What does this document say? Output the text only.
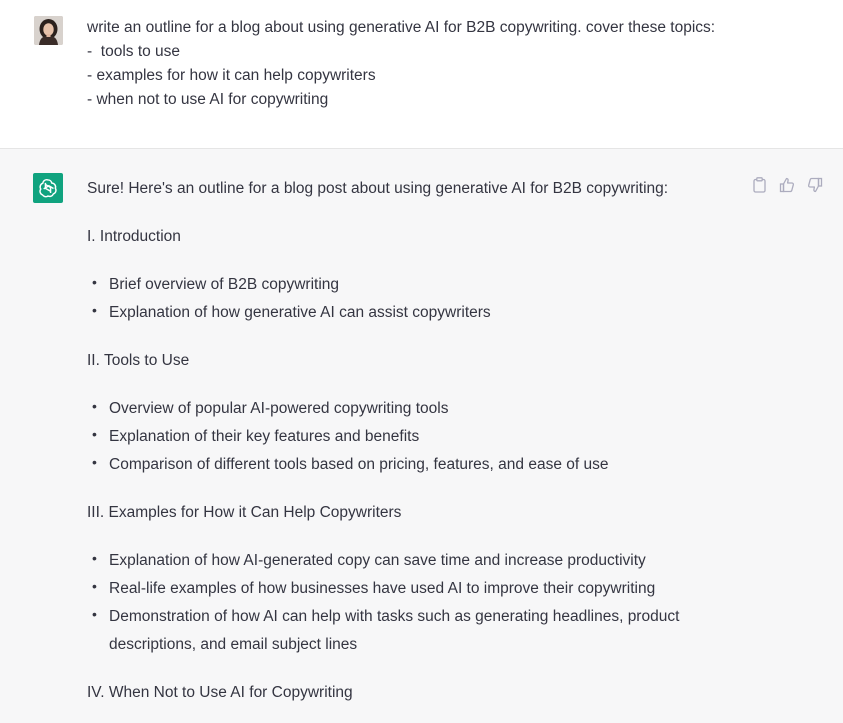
write an outline for a blog about using generative AI for B2B copywriting. cover these topics:

-  tools to use

- examples for how it can help copywriters

- when not to use AI for copywriting

Sure! Here's an outline for a blog post about using generative AI for B2B copywriting:

I. Introduction

• Brief overview of B2B copywriting
• Explanation of how generative AI can assist copywriters

II. Tools to Use

• Overview of popular AI-powered copywriting tools
• Explanation of their key features and benefits
• Comparison of different tools based on pricing, features, and ease of use

III. Examples for How it Can Help Copywriters

• Explanation of how AI-generated copy can save time and increase productivity
• Real-life examples of how businesses have used AI to improve their copywriting
• Demonstration of how AI can help with tasks such as generating headlines, product descriptions, and email subject lines

IV. When Not to Use AI for Copywriting
